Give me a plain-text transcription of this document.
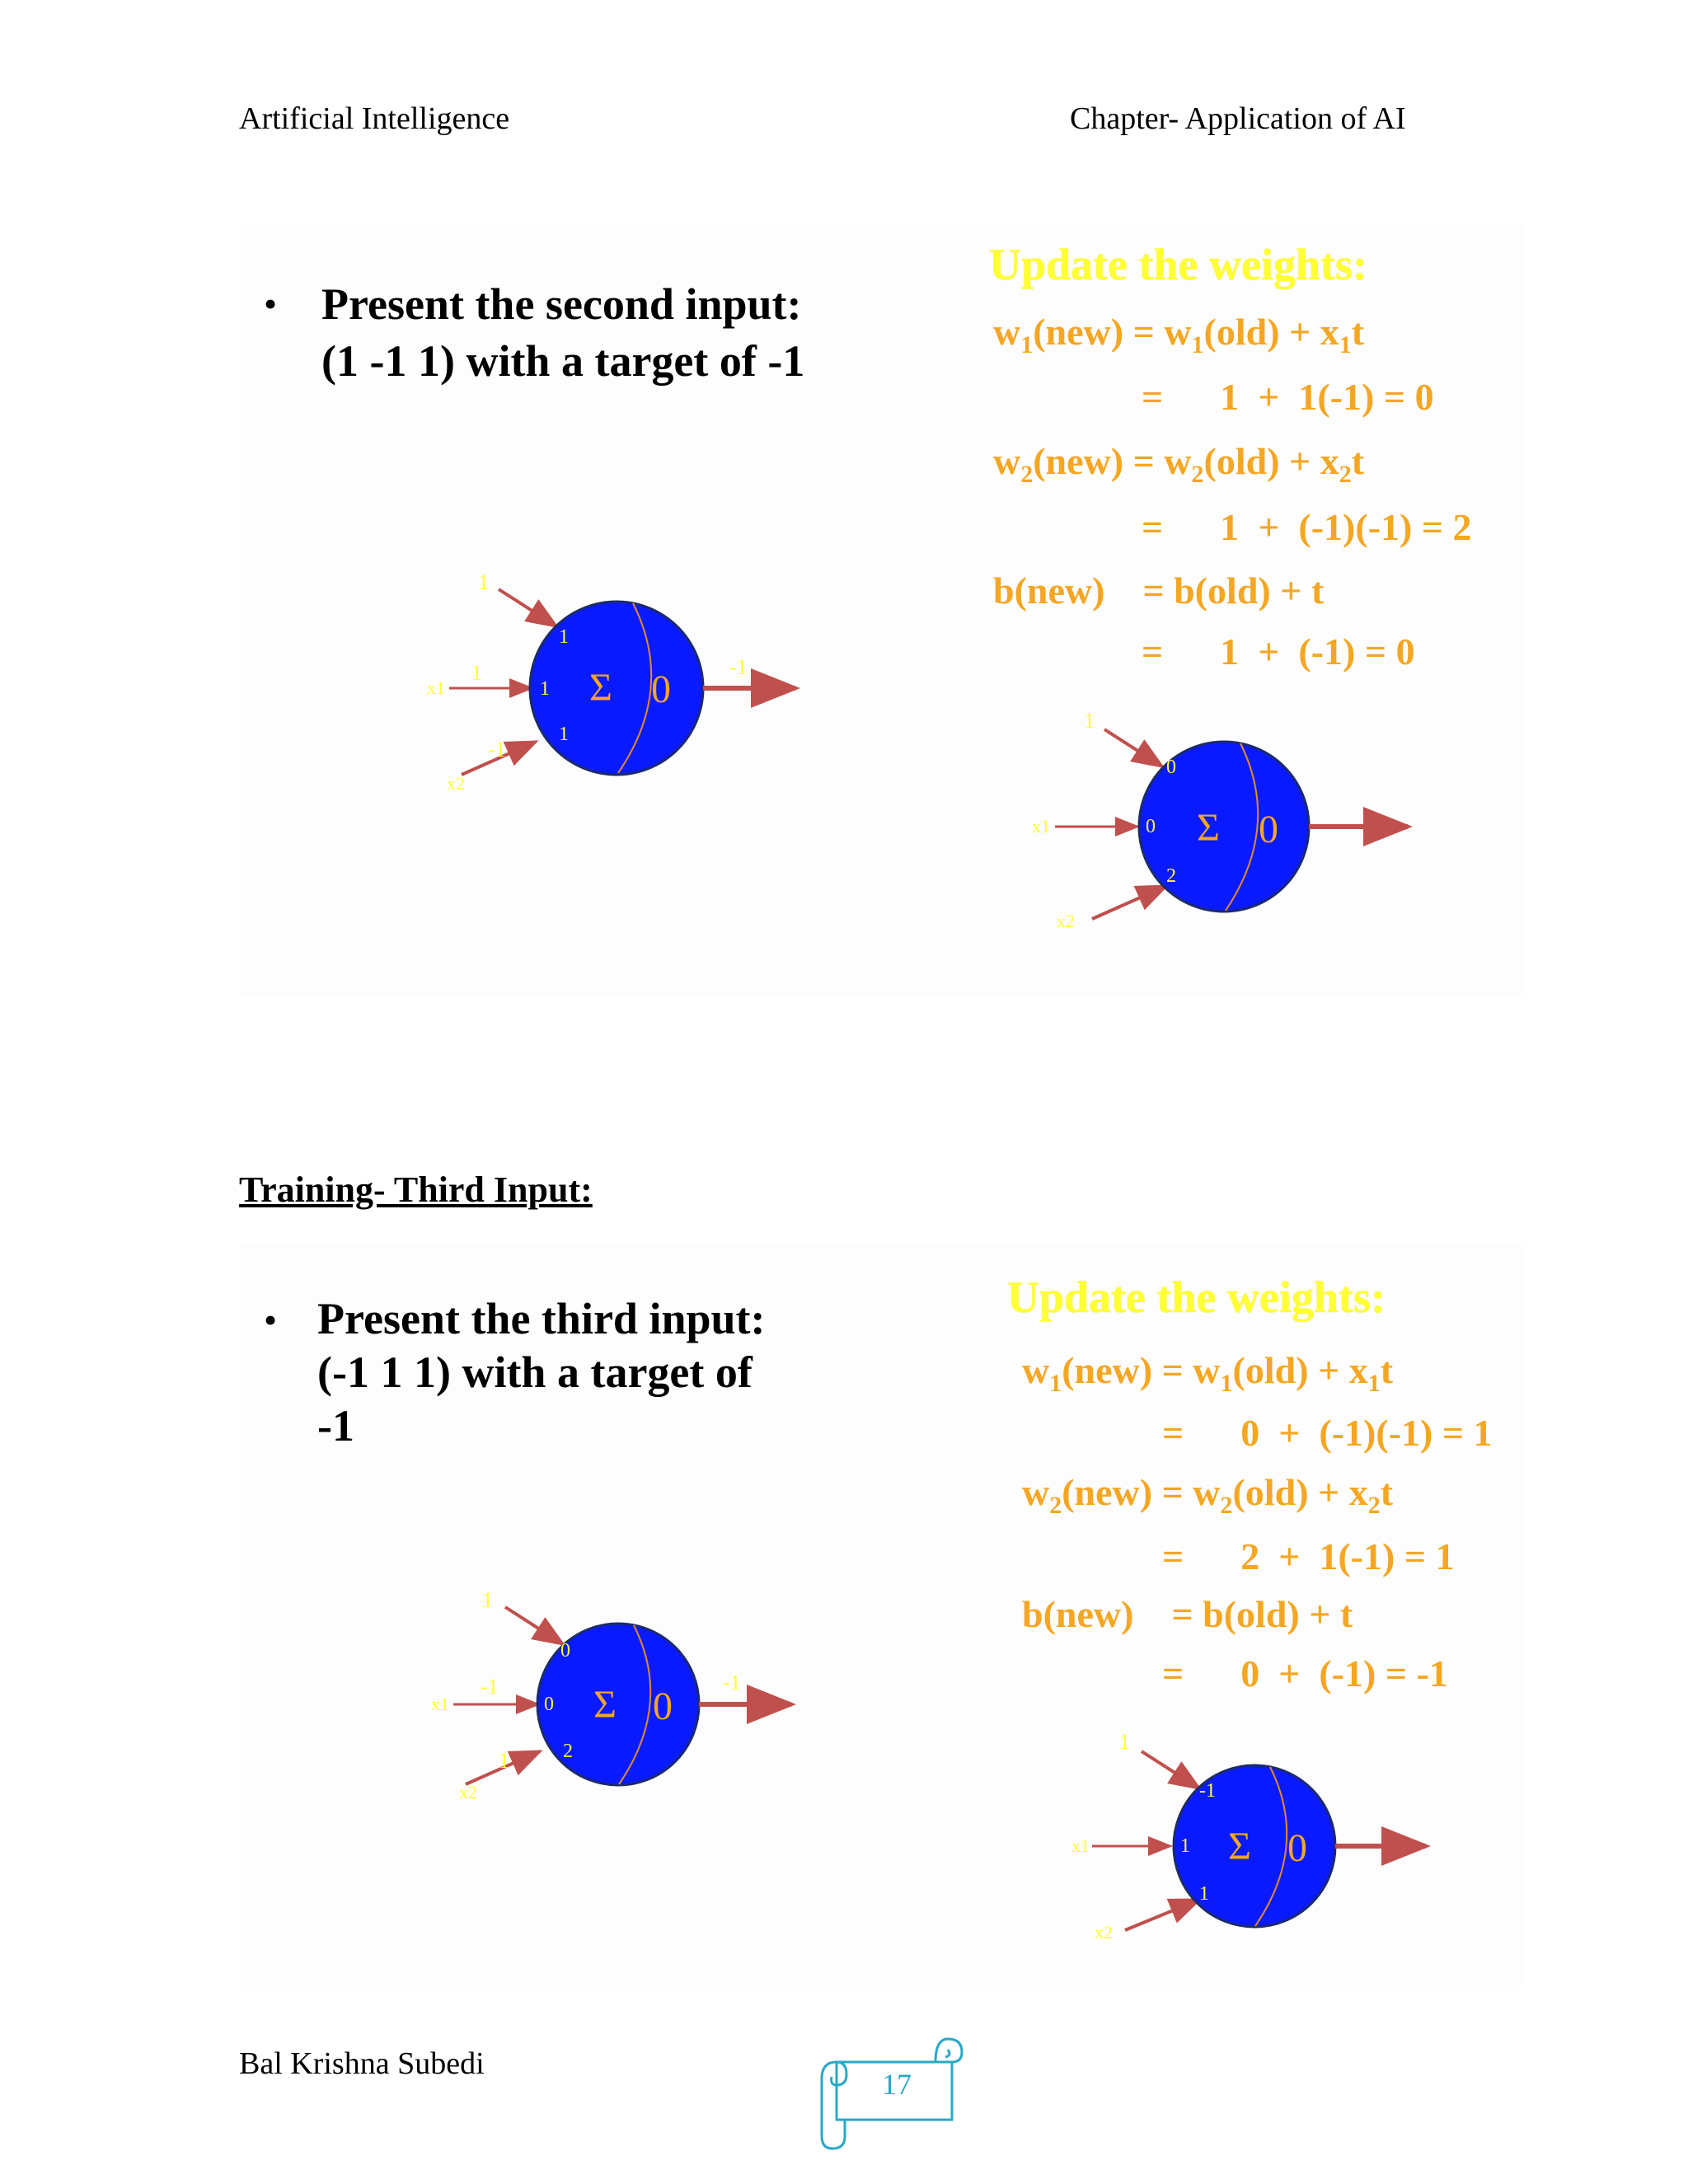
Artificial Intelligence	Chapter- Application of AI
• Present the second input:
(1 -1 1) with a target of -1
Update the weights:
$w_1(new) = w_1(old) + x_1t$
=      1  +  1(-1) = 0
$w_2(new) = w_2(old) + x_2t$
=      1  +  (-1)(-1) = 2
b(new)    = b(old) + t
=      1  +  (-1) = 0
1
1
-1
x1
x2
1
1
1
Σ 0
-1
1
x1
x2
0
0
2
Σ 0
Training- Third Input:
• Present the third input:
(-1 1 1) with a target of
-1
Update the weights:
$w_1(new) = w_1(old) + x_1t$
=      0  +  (-1)(-1) = 1
$w_2(new) = w_2(old) + x_2t$
=      2  +  1(-1) = 1
b(new)    = b(old) + t
=      0  +  (-1) = -1
1
-1
1
x1
x2
0
0
2
Σ 0
-1
1
x1
x2
-1
1
1
Σ 0
Bal Krishna Subedi
17
